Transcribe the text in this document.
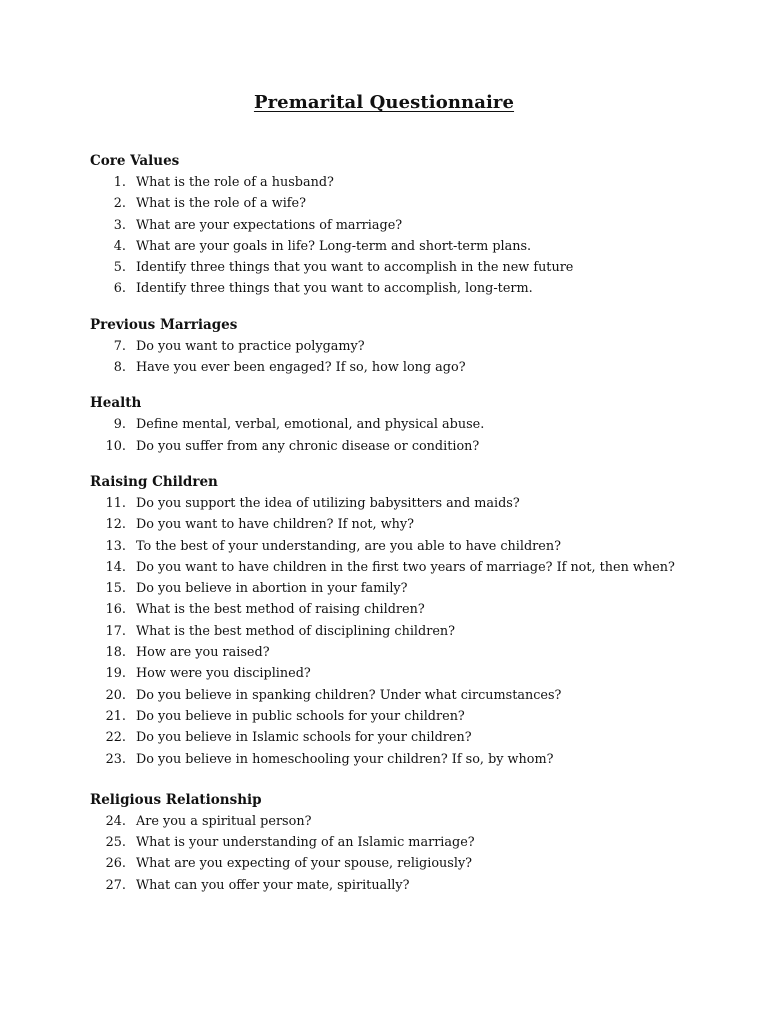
Premarital Questionnaire
Core Values
1. What is the role of a husband?
2. What is the role of a wife?
3. What are your expectations of marriage?
4. What are your goals in life? Long-term and short-term plans.
5. Identify three things that you want to accomplish in the new future
6. Identify three things that you want to accomplish, long-term.
Previous Marriages
7. Do you want to practice polygamy?
8. Have you ever been engaged? If so, how long ago?
Health
9. Define mental, verbal, emotional, and physical abuse.
10. Do you suffer from any chronic disease or condition?
Raising Children
11. Do you support the idea of utilizing babysitters and maids?
12. Do you want to have children? If not, why?
13. To the best of your understanding, are you able to have children?
14. Do you want to have children in the first two years of marriage? If not, then when?
15. Do you believe in abortion in your family?
16. What is the best method of raising children?
17. What is the best method of disciplining children?
18. How are you raised?
19. How were you disciplined?
20. Do you believe in spanking children? Under what circumstances?
21. Do you believe in public schools for your children?
22. Do you believe in Islamic schools for your children?
23. Do you believe in homeschooling your children? If so, by whom?
Religious Relationship
24. Are you a spiritual person?
25. What is your understanding of an Islamic marriage?
26. What are you expecting of your spouse, religiously?
27. What can you offer your mate, spiritually?
